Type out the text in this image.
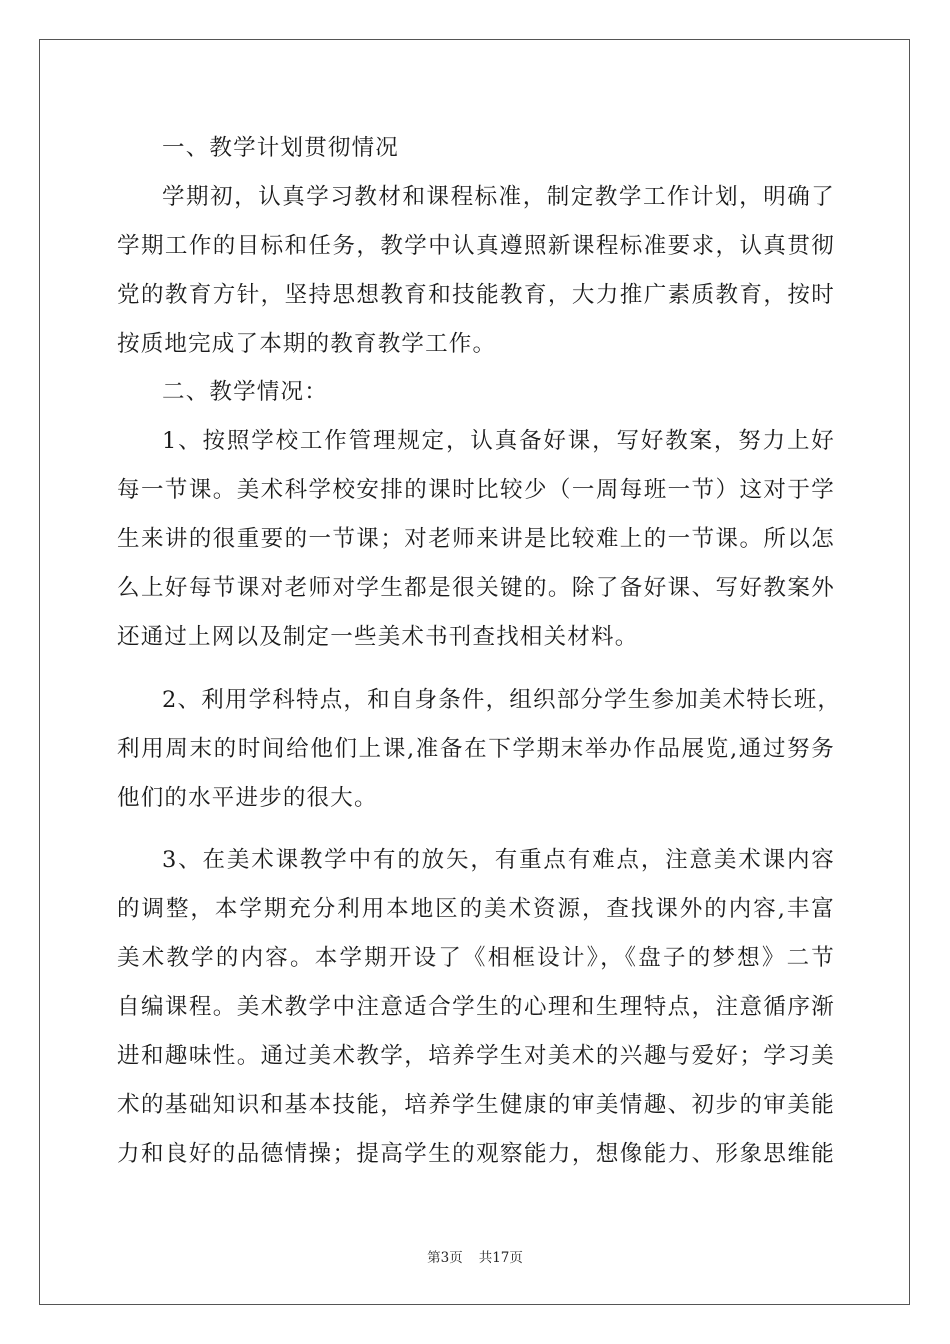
一、教学计划贯彻情况
学期初，认真学习教材和课程标准，制定教学工作计划，明确了
学期工作的目标和任务，教学中认真遵照新课程标准要求，认真贯彻
党的教育方针，坚持思想教育和技能教育，大力推广素质教育，按时
按质地完成了本期的教育教学工作。
二、教学情况：
1、按照学校工作管理规定，认真备好课，写好教案，努力上好
每一节课。美术科学校安排的课时比较少（一周每班一节）这对于学
生来讲的很重要的一节课；对老师来讲是比较难上的一节课。所以怎
么上好每节课对老师对学生都是很关键的。除了备好课、写好教案外
还通过上网以及制定一些美术书刊查找相关材料。
2、利用学科特点，和自身条件，组织部分学生参加美术特长班，
利用周末的时间给他们上课,准备在下学期末举办作品展览,通过努务
他们的水平进步的很大。
3、在美术课教学中有的放矢，有重点有难点，注意美术课内容
的调整，本学期充分利用本地区的美术资源，查找课外的内容,丰富
美术教学的内容。本学期开设了《相框设计》，《盘子的梦想》二节
自编课程。美术教学中注意适合学生的心理和生理特点，注意循序渐
进和趣味性。通过美术教学，培养学生对美术的兴趣与爱好；学习美
术的基础知识和基本技能，培养学生健康的审美情趣、初步的审美能
力和良好的品德情操；提高学生的观察能力，想像能力、形象思维能
第3页 共17页
